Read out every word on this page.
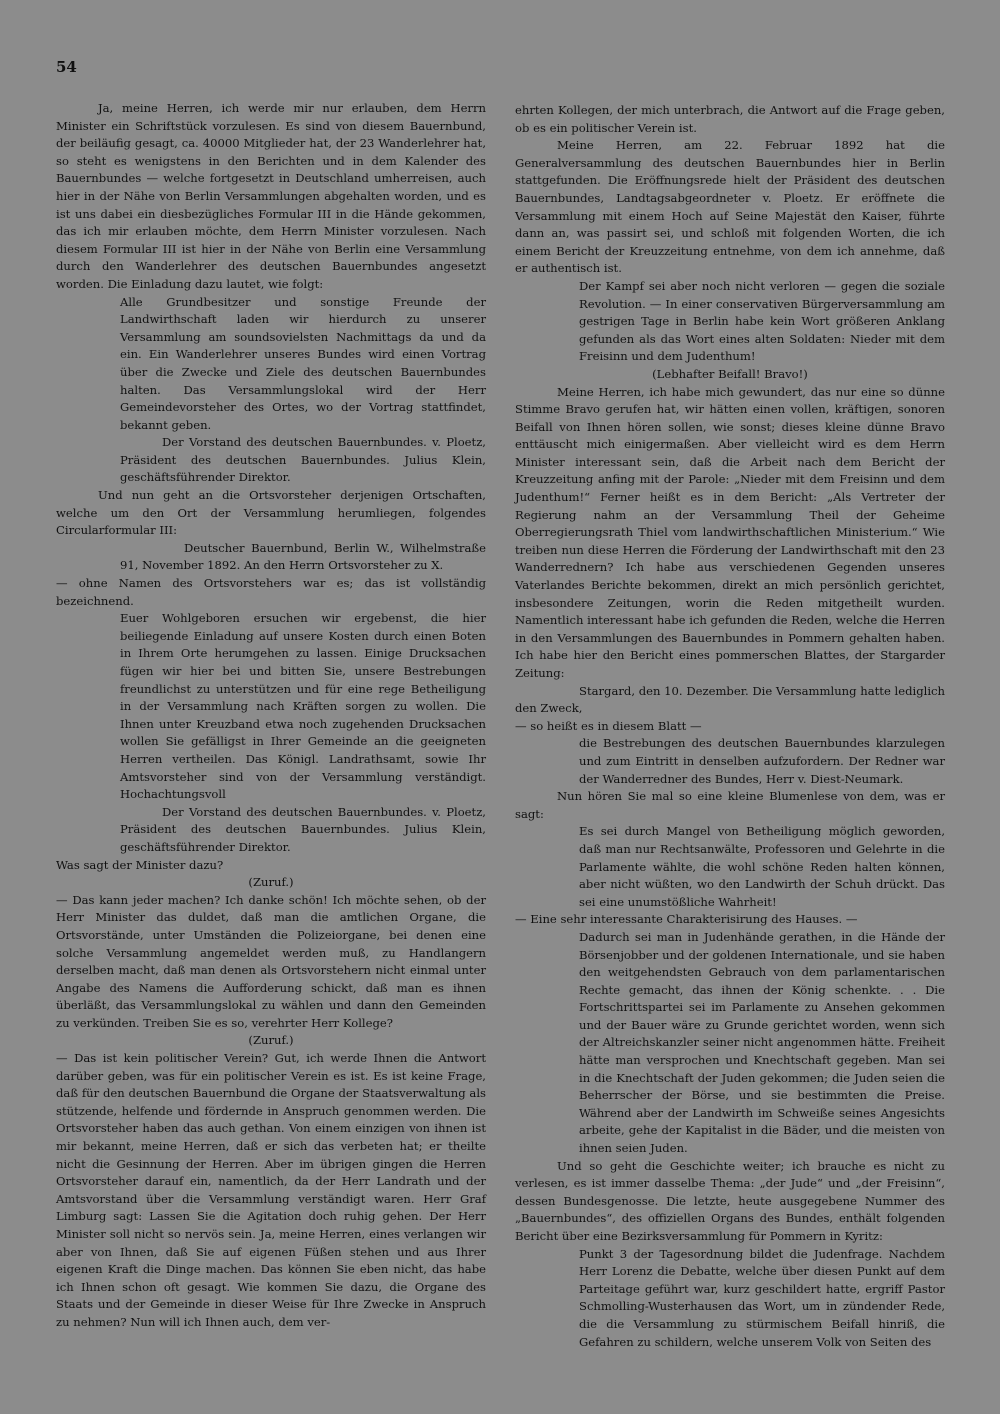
54

Ja, meine Herren, ich werde mir nur erlauben, dem Herrn Minister ein Schriftstück vorzulesen. Es sind von diesem Bauernbund, der beiläufig gesagt, ca. 40000 Mitglieder hat, der 23 Wanderlehrer hat, so steht es wenigstens in den Berichten und in dem Kalender des Bauernbundes — welche fortgesetzt in Deutschland umherreisen, auch hier in der Nähe von Berlin Versammlungen abgehalten worden, und es ist uns dabei ein diesbezügliches Formular III in die Hände gekommen, das ich mir erlauben möchte, dem Herrn Minister vorzulesen. Nach diesem Formular III ist hier in der Nähe von Berlin eine Versammlung durch den Wanderlehrer des deutschen Bauernbundes angesetzt worden. Die Einladung dazu lautet, wie folgt:

Alle Grundbesitzer und sonstige Freunde der Landwirthschaft laden wir hierdurch zu unserer Versammlung am soundsovielsten Nachmittags da und da ein. Ein Wanderlehrer unseres Bundes wird einen Vortrag über die Zwecke und Ziele des deutschen Bauernbundes halten. Das Versammlungslokal wird der Herr Gemeindevorsteher des Ortes, wo der Vortrag stattfindet, bekannt geben.

Der Vorstand des deutschen Bauernbundes. v. Ploetz, Präsident des deutschen Bauernbundes. Julius Klein, geschäftsführender Direktor.

Und nun geht an die Ortsvorsteher derjenigen Ortschaften, welche um den Ort der Versammlung herumliegen, folgendes Circularformular III:

Deutscher Bauernbund, Berlin W., Wilhelmstraße 91, November 1892. An den Herrn Ortsvorsteher zu X.

— ohne Namen des Ortsvorstehers war es; das ist vollständig bezeichnend.

Euer Wohlgeboren ersuchen wir ergebenst, die hier beiliegende Einladung auf unsere Kosten durch einen Boten in Ihrem Orte herumgehen zu lassen. Einige Drucksachen fügen wir hier bei und bitten Sie, unsere Bestrebungen freundlichst zu unterstützen und für eine rege Betheiligung in der Versammlung nach Kräften sorgen zu wollen. Die Ihnen unter Kreuzband etwa noch zugehenden Drucksachen wollen Sie gefälligst in Ihrer Gemeinde an die geeigneten Herren vertheilen. Das Königl. Landrathsamt, sowie Ihr Amtsvorsteher sind von der Versammlung verständigt. Hochachtungsvoll

Der Vorstand des deutschen Bauernbundes. v. Ploetz, Präsident des deutschen Bauernbundes. Julius Klein, geschäftsführender Direktor.

Was sagt der Minister dazu?

(Zuruf.)

— Das kann jeder machen? Ich danke schön! Ich möchte sehen, ob der Herr Minister das duldet, daß man die amtlichen Organe, die Ortsvorstände, unter Umständen die Polizeiorgane, bei denen eine solche Versammlung angemeldet werden muß, zu Handlangern derselben macht, daß man denen als Ortsvorstehern nicht einmal unter Angabe des Namens die Aufforderung schickt, daß man es ihnen überläßt, das Versammlungslokal zu wählen und dann den Gemeinden zu verkünden. Treiben Sie es so, verehrter Herr Kollege?

(Zuruf.)

— Das ist kein politischer Verein? Gut, ich werde Ihnen die Antwort darüber geben, was für ein politischer Verein es ist. Es ist keine Frage, daß für den deutschen Bauernbund die Organe der Staatsverwaltung als stützende, helfende und fördernde in Anspruch genommen werden. Die Ortsvorsteher haben das auch gethan. Von einem einzigen von ihnen ist mir bekannt, meine Herren, daß er sich das verbeten hat; er theilte nicht die Gesinnung der Herren. Aber im übrigen gingen die Herren Ortsvorsteher darauf ein, namentlich, da der Herr Landrath und der Amtsvorstand über die Versammlung verständigt waren. Herr Graf Limburg sagt: Lassen Sie die Agitation doch ruhig gehen. Der Herr Minister soll nicht so nervös sein. Ja, meine Herren, eines verlangen wir aber von Ihnen, daß Sie auf eigenen Füßen stehen und aus Ihrer eigenen Kraft die Dinge machen. Das können Sie eben nicht, das habe ich Ihnen schon oft gesagt. Wie kommen Sie dazu, die Organe des Staats und der Gemeinde in dieser Weise für Ihre Zwecke in Anspruch zu nehmen? Nun will ich Ihnen auch, dem ver-

ehrten Kollegen, der mich unterbrach, die Antwort auf die Frage geben, ob es ein politischer Verein ist.

Meine Herren, am 22. Februar 1892 hat die Generalversammlung des deutschen Bauernbundes hier in Berlin stattgefunden. Die Eröffnungsrede hielt der Präsident des deutschen Bauernbundes, Landtagsabgeordneter v. Ploetz. Er eröffnete die Versammlung mit einem Hoch auf Seine Majestät den Kaiser, führte dann an, was passirt sei, und schloß mit folgenden Worten, die ich einem Bericht der Kreuzzeitung entnehme, von dem ich annehme, daß er authentisch ist.

Der Kampf sei aber noch nicht verloren — gegen die soziale Revolution. — In einer conservativen Bürgerversammlung am gestrigen Tage in Berlin habe kein Wort größeren Anklang gefunden als das Wort eines alten Soldaten: Nieder mit dem Freisinn und dem Judenthum!

(Lebhafter Beifall! Bravo!)

Meine Herren, ich habe mich gewundert, das nur eine so dünne Stimme Bravo gerufen hat, wir hätten einen vollen, kräftigen, sonoren Beifall von Ihnen hören sollen, wie sonst; dieses kleine dünne Bravo enttäuscht mich einigermaßen. Aber vielleicht wird es dem Herrn Minister interessant sein, daß die Arbeit nach dem Bericht der Kreuzzeitung anfing mit der Parole: „Nieder mit dem Freisinn und dem Judenthum!“ Ferner heißt es in dem Bericht: „Als Vertreter der Regierung nahm an der Versammlung Theil der Geheime Oberregierungsrath Thiel vom landwirthschaftlichen Ministerium.“ Wie treiben nun diese Herren die Förderung der Landwirthschaft mit den 23 Wanderrednern? Ich habe aus verschiedenen Gegenden unseres Vaterlandes Berichte bekommen, direkt an mich persönlich gerichtet, insbesondere Zeitungen, worin die Reden mitgetheilt wurden. Namentlich interessant habe ich gefunden die Reden, welche die Herren in den Versammlungen des Bauernbundes in Pommern gehalten haben. Ich habe hier den Bericht eines pommerschen Blattes, der Stargarder Zeitung:

Stargard, den 10. Dezember. Die Versammlung hatte lediglich den Zweck,

— so heißt es in diesem Blatt —

die Bestrebungen des deutschen Bauernbundes klarzulegen und zum Eintritt in denselben aufzufordern. Der Redner war der Wanderredner des Bundes, Herr v. Diest-Neumark.

Nun hören Sie mal so eine kleine Blumenlese von dem, was er sagt:

Es sei durch Mangel von Betheiligung möglich geworden, daß man nur Rechtsanwälte, Professoren und Gelehrte in die Parlamente wählte, die wohl schöne Reden halten können, aber nicht wüßten, wo den Landwirth der Schuh drückt. Das sei eine unumstößliche Wahrheit!

— Eine sehr interessante Charakterisirung des Hauses. —

Dadurch sei man in Judenhände gerathen, in die Hände der Börsenjobber und der goldenen Internationale, und sie haben den weitgehendsten Gebrauch von dem parlamentarischen Rechte gemacht, das ihnen der König schenkte. . . Die Fortschrittspartei sei im Parlamente zu Ansehen gekommen und der Bauer wäre zu Grunde gerichtet worden, wenn sich der Altreichskanzler seiner nicht angenommen hätte. Freiheit hätte man versprochen und Knechtschaft gegeben. Man sei in die Knechtschaft der Juden gekommen; die Juden seien die Beherrscher der Börse, und sie bestimmten die Preise. Während aber der Landwirth im Schweiße seines Angesichts arbeite, gehe der Kapitalist in die Bäder, und die meisten von ihnen seien Juden.

Und so geht die Geschichte weiter; ich brauche es nicht zu verlesen, es ist immer dasselbe Thema: „der Jude“ und „der Freisinn“, dessen Bundesgenosse. Die letzte, heute ausgegebene Nummer des „Bauernbundes“, des offiziellen Organs des Bundes, enthält folgenden Bericht über eine Bezirksversammlung für Pommern in Kyritz:

Punkt 3 der Tagesordnung bildet die Judenfrage. Nachdem Herr Lorenz die Debatte, welche über diesen Punkt auf dem Parteitage geführt war, kurz geschildert hatte, ergriff Pastor Schmolling-Wusterhausen das Wort, um in zündender Rede, die die Versammlung zu stürmischem Beifall hinriß, die Gefahren zu schildern, welche unserem Volk von Seiten des
